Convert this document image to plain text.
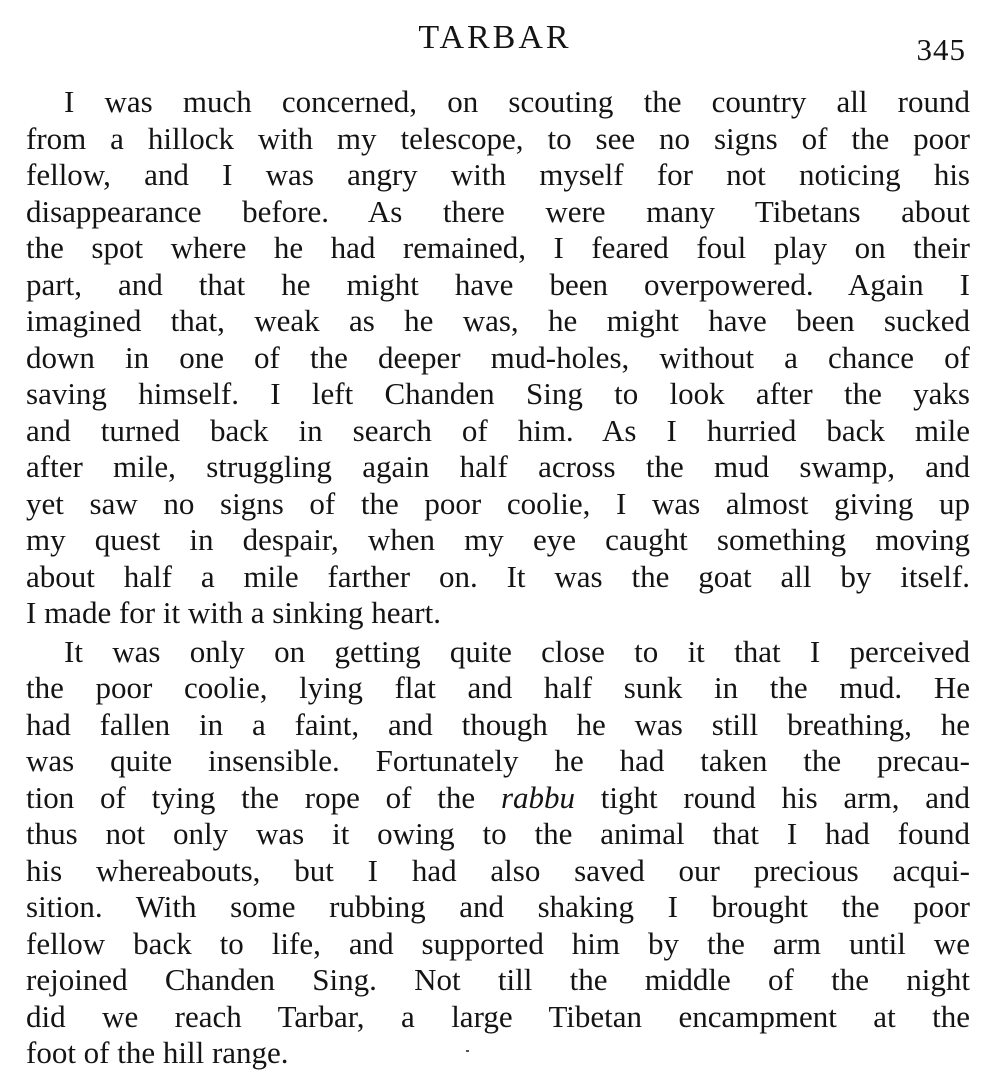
TARBAR	345
I was much concerned, on scouting the country all round
from a hillock with my telescope, to see no signs of the poor
fellow, and I was angry with myself for not noticing his
disappearance before. As there were many Tibetans about
the spot where he had remained, I feared foul play on their
part, and that he might have been overpowered. Again I
imagined that, weak as he was, he might have been sucked
down in one of the deeper mud-holes, without a chance of
saving himself. I left Chanden Sing to look after the yaks
and turned back in search of him. As I hurried back mile
after mile, struggling again half across the mud swamp, and
yet saw no signs of the poor coolie, I was almost giving up
my quest in despair, when my eye caught something moving
about half a mile farther on. It was the goat all by itself.
I made for it with a sinking heart.
It was only on getting quite close to it that I perceived
the poor coolie, lying flat and half sunk in the mud. He
had fallen in a faint, and though he was still breathing, he
was quite insensible. Fortunately he had taken the precau-
tion of tying the rope of the rabbu tight round his arm, and
thus not only was it owing to the animal that I had found
his whereabouts, but I had also saved our precious acqui-
sition. With some rubbing and shaking I brought the poor
fellow back to life, and supported him by the arm until we
rejoined Chanden Sing. Not till the middle of the night
did we reach Tarbar, a large Tibetan encampment at the
foot of the hill range.
